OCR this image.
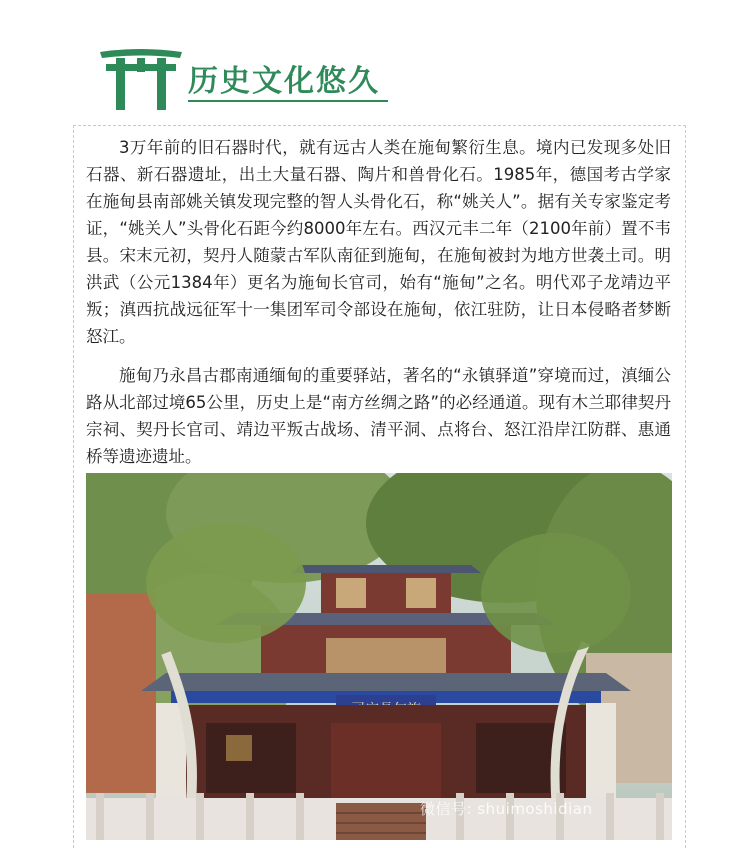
历史文化悠久

3万年前的旧石器时代，就有远古人类在施甸繁衍生息。境内已发现多处旧石器、新石器遗址，出土大量石器、陶片和兽骨化石。1985年，德国考古学家在施甸县南部姚关镇发现完整的智人头骨化石，称“姚关人”。据有关专家鉴定考证，“姚关人”头骨化石距今约8000年左右。西汉元丰二年（2100年前）置不韦县。宋末元初，契丹人随蒙古军队南征到施甸，在施甸被封为地方世袭土司。明洪武（公元1384年）更名为施甸长官司，始有“施甸”之名。明代邓子龙靖边平叛；滇西抗战远征军十一集团军司令部设在施甸，依江驻防，让日本侵略者梦断怒江。

施甸乃永昌古郡南通缅甸的重要驿站，著名的“永镇驿道”穿境而过，滇缅公路从北部过境65公里，历史上是“南方丝绸之路”的必经通道。现有木兰耶律契丹宗祠、契丹长官司、靖边平叛古战场、清平洞、点将台、怒江沿岸江防群、惠通桥等遗迹遗址。

微信号: shuimoshidian
